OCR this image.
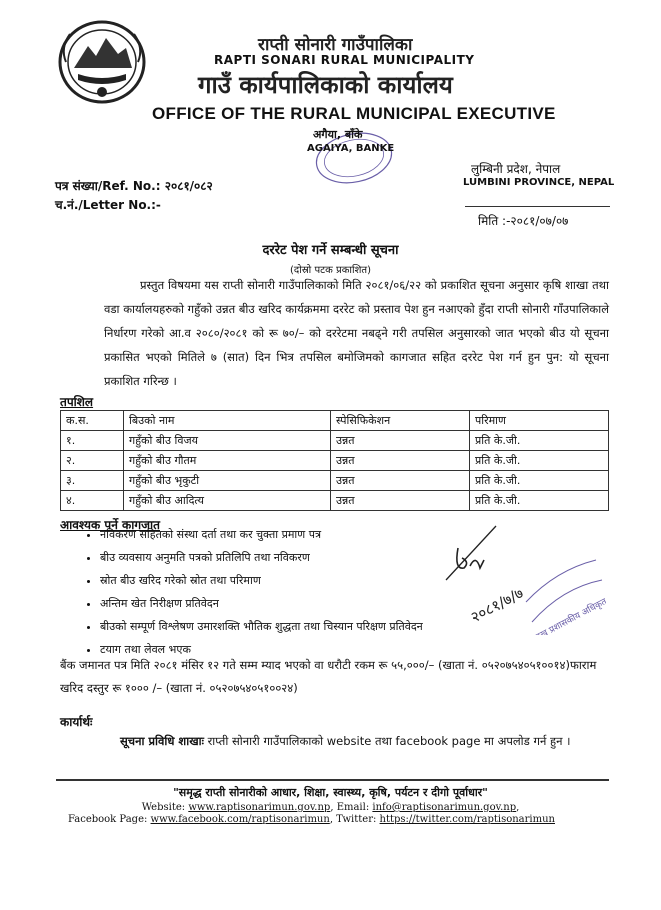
राप्ती सोनारी गाउँपालिका
RAPTI SONARI RURAL MUNICIPALITY
गाउँ कार्यपालिकाको कार्यालय
OFFICE OF THE RURAL MUNICIPAL EXECUTIVE
अगैया, बाँके
AGAIYA, BANKE
लुम्बिनी प्रदेश, नेपाल
LUMBINI PROVINCE, NEPAL
पत्र संख्या/Ref. No.: २०८१/०८२
च.नं./Letter No.:-
मिति :-२०८१/०७/०७
दररेट पेश गर्ने सम्बन्धी सूचना
(दोस्रो पटक प्रकाशित)
प्रस्तुत विषयमा यस राप्ती सोनारी गाउँपालिकाको मिति २०८१/०६/२२ को प्रकाशित सूचना अनुसार कृषि शाखा तथा वडा कार्यालयहरुको गहुँको उन्नत बीउ खरिद कार्यक्रममा दररेट को प्रस्ताव पेश हुन नआएको हुँदा राप्ती सोनारी गाँउपालिकाले निर्धारण गरेको आ.व २०८०/२०८१ को रू ७०/– को दररेटमा नबढ्ने गरी तपसिल अनुसारको जात भएको बीउ यो सूचना प्रकासित भएको मितिले ७ (सात) दिन भित्र तपसिल बमोजिमको कागजात सहित दररेट पेश गर्न हुन पुन: यो सूचना प्रकाशित गरिन्छ ।
तपशिल
क.स.	बिउको नाम	स्पेसिफिकेशन	परिमाण
१.	गहुँको बीउ विजय	उन्नत	प्रति के.जी.
२.	गहुँको बीउ गौतम	उन्नत	प्रति के.जी.
३.	गहुँको बीउ भृकुटी	उन्नत	प्रति के.जी.
४.	गहुँको बीउ आदित्य	उन्नत	प्रति के.जी.
आवश्यक पर्ने कागजात
• नविकरण सहितको संस्था दर्ता तथा कर चुक्ता प्रमाण पत्र
• बीउ व्यवसाय अनुमति पत्रको प्रतिलिपि तथा नविकरण
• स्रोत बीउ खरिद गरेको स्रोत तथा परिमाण
• अन्तिम खेत निरीक्षण प्रतिवेदन
• बीउको सम्पूर्ण विश्लेषण उमारशक्ति भौतिक शुद्धता तथा चिस्यान परिक्षण प्रतिवेदन
• टयाग तथा लेवल भएक
२०८१/७/७ प्रमुख प्रशासकीय अधिकृत
बैंक जमानत पत्र मिति २०८१ मंसिर १२ गते सम्म म्याद भएको वा धरौटी रकम रू ५५,०००/– (खाता नं. ०५२०७५४०५१००१४)फाराम खरिद दस्तुर रू १००० /– (खाता नं. ०५२०७५४०५१००२४)
कार्यार्थः
सूचना प्रविधि शाखाः राप्ती सोनारी गाउँपालिकाको website तथा facebook page मा अपलोड गर्न हुन ।
"समृद्ध राप्ती सोनारीको आधार, शिक्षा, स्वास्थ्य, कृषि, पर्यटन र दीगो पूर्वाधार"
Website: www.raptisonarimun.gov.np, Email: info@raptisonarimun.gov.np,
Facebook Page: www.facebook.com/raptisonarimun, Twitter: https://twitter.com/raptisonarimun
